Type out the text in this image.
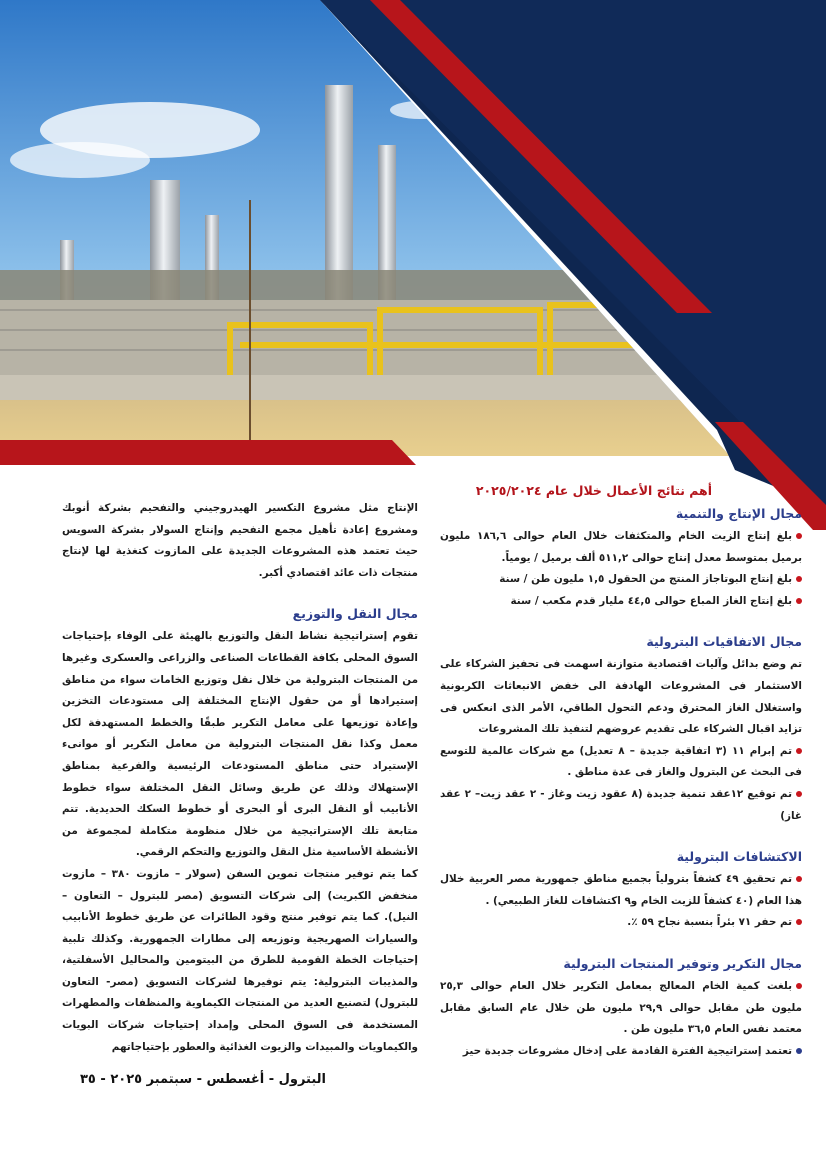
أهم نتائج الأعمال خلال عام ٢٠٢٥/٢٠٢٤
مجال الإنتاج والتنمية
بلغ إنتاج الزيت الخام والمتكثفات خلال العام حوالى ١٨٦,٦ مليون برميل بمتوسط معدل إنتاج حوالى ٥١١,٢ ألف برميل / يومياً.
بلغ إنتاج البوتاجاز المنتج من الحقول ١,٥ مليون طن / سنة
بلغ إنتاج الغاز المباع حوالى ٤٤,٥ مليار قدم مكعب / سنة
مجال الاتفاقيات البترولية

تم وضع بدائل وآليات اقتصادية متوازنة اسهمت فى تحفيز الشركاء على الاستثمار فى المشروعات الهادفة الى خفض الانبعاثات الكربونية واستغلال الغاز المحترق ودعم التحول الطاقي، الأمر الذى انعكس فى تزايد اقبال الشركاء على تقديم عروضهم لتنفيذ تلك المشروعات

تم إبرام ١١ (٣ اتفاقية جديدة – ٨ تعديل) مع شركات عالمية للتوسع فى البحث عن البترول والغاز فى عدة مناطق .
تم توقيع ١٢عقد تنمية جديدة (٨ عقود زيت وغاز - ٢ عقد زيت– ٢ عقد غاز)
الاكتشافات البترولية
تم تحقيق ٤٩ كشفاً بترولياً بجميع مناطق جمهورية مصر العربية خلال هذا العام (٤٠ كشفاً للزيت الخام و٩ اكتشافات للغاز الطبيعي) .
تم حفر ٧١ بئراً بنسبة نجاح ٥٩ ٪.
مجال التكرير وتوفير المنتجات البترولية
بلغت كمية الخام المعالج بمعامل التكرير خلال العام حوالى ٢٥,٣ مليون طن مقابل حوالى ٢٩,٩ مليون طن خلال عام السابق مقابل معتمد نفس العام ٣٦,٥ مليون طن .
تعتمد إستراتيجية الفترة القادمة على إدخال مشروعات جديدة حيز

الإنتاج مثل مشروع التكسير الهيدروجيني والتفحيم بشركة أنوبك ومشروع إعادة تأهيل مجمع التفحيم وإنتاج السولار بشركة السويس حيث تعتمد هذه المشروعات الجديدة على المازوت كتغذية لها لإنتاج منتجات ذات عائد اقتصادي أكبر.

مجال النقل والتوزيع

تقوم إستراتيجية نشاط النقل والتوزيع بالهيئة على الوفاء بإحتياجات السوق المحلى بكافة القطاعات الصناعى والزراعى والعسكرى وغيرها من المنتجات البترولية من خلال نقل وتوزيع الخامات سواء من مناطق إستيرادها أو من حقول الإنتاج المختلفة إلى مستودعات التخزين وإعادة توزيعها على معامل التكرير طبقًا والخطط المستهدفة لكل معمل وكذا نقل المنتجات البترولية من معامل التكرير أو موانىء الإستيراد حتى مناطق المستودعات الرئيسية والفرعية بمناطق الإستهلاك وذلك عن طريق وسائل النقل المختلفة سواء خطوط الأنابيب أو النقل البرى أو البحرى أو خطوط السكك الحديدية. تتم متابعة تلك الإستراتيجية من خلال منظومة متكاملة لمجموعة من الأنشطة الأساسية مثل النقل والتوزيع والتحكم الرقمي.

كما يتم توفير منتجات تموين السفن (سولار – مازوت ٣٨٠ – مازوت منخفض الكبريت) إلى شركات التسويق (مصر للبترول – التعاون – النيل). كما يتم توفير منتج وقود الطائرات عن طريق خطوط الأنابيب والسيارات الصهريجية وتوزيعه إلى مطارات الجمهورية. وكذلك تلبية إحتياجات الخطة القومية للطرق من البيتومين والمحاليل الأسفلتية، والمذيبات البترولية: يتم توفيرها لشركات التسويق (مصر- التعاون للبترول) لتصنيع العديد من المنتجات الكيماوية والمنظفات والمطهرات المستخدمة فى السوق المحلى وإمداد إحتياجات شركات البويات والكيماويات والمبيدات والزيوت الغذائية والعطور بإحتياجاتهم

البترول - أغسطس - سبتمبر ٢٠٢٥ - ٣٥
